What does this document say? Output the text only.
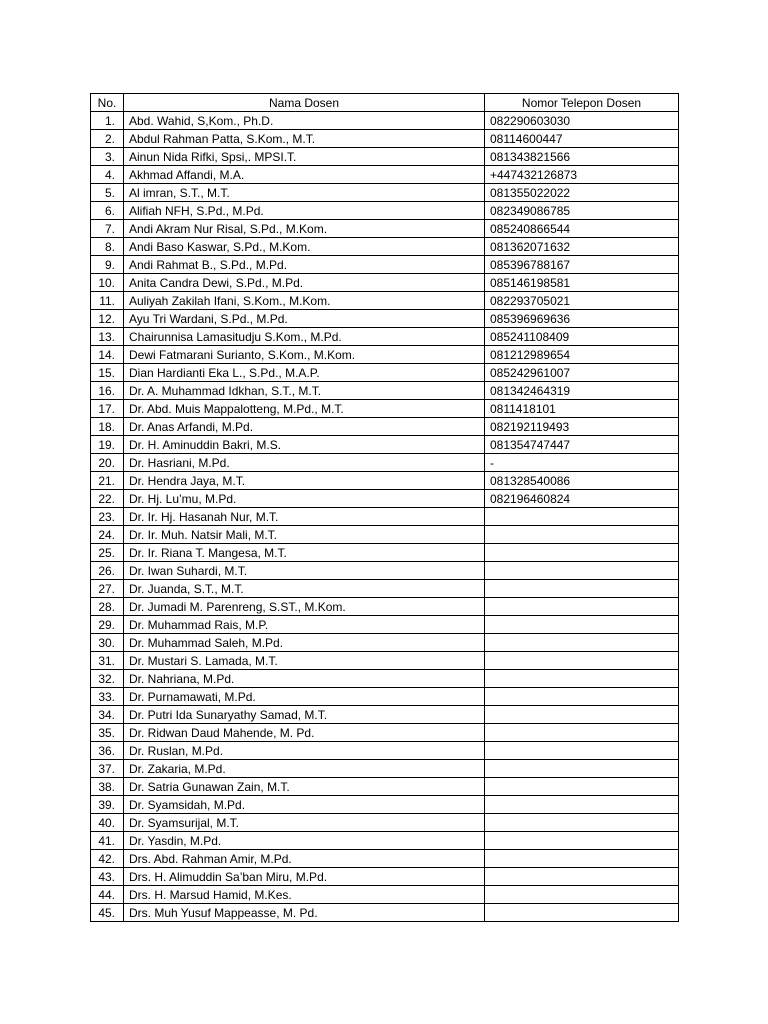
No.	Nama Dosen	Nomor Telepon Dosen
1.	Abd. Wahid, S,Kom., Ph.D.	082290603030
2.	Abdul Rahman Patta, S.Kom., M.T.	08114600447
3.	Ainun Nida Rifki, Spsi,. MPSI.T.	081343821566
4.	Akhmad Affandi, M.A.	+447432126873
5.	Al imran, S.T., M.T.	081355022022
6.	Alifiah NFH, S.Pd., M.Pd.	082349086785
7.	Andi Akram Nur Risal, S.Pd., M.Kom.	085240866544
8.	Andi Baso Kaswar, S.Pd., M.Kom.	081362071632
9.	Andi Rahmat B., S.Pd., M.Pd.	085396788167
10.	Anita Candra Dewi, S.Pd., M.Pd.	085146198581
11.	Auliyah Zakilah Ifani, S.Kom., M.Kom.	082293705021
12.	Ayu Tri Wardani, S.Pd., M.Pd.	085396969636
13.	Chairunnisa Lamasitudju S.Kom., M.Pd.	085241108409
14.	Dewi Fatmarani Surianto, S.Kom., M.Kom.	081212989654
15.	Dian Hardianti Eka L., S.Pd., M.A.P.	085242961007
16.	Dr. A. Muhammad Idkhan, S.T., M.T.	081342464319
17.	Dr. Abd. Muis Mappalotteng, M.Pd., M.T.	0811418101
18.	Dr. Anas Arfandi, M.Pd.	082192119493
19.	Dr. H. Aminuddin Bakri, M.S.	081354747447
20.	Dr. Hasriani, M.Pd.	-
21.	Dr. Hendra Jaya, M.T.	081328540086
22.	Dr. Hj. Lu’mu, M.Pd.	082196460824
23.	Dr. Ir. Hj. Hasanah Nur, M.T.	
24.	Dr. Ir. Muh. Natsir Mali, M.T.	
25.	Dr. Ir. Riana T. Mangesa, M.T.	
26.	Dr. Iwan Suhardi, M.T.	
27.	Dr. Juanda, S.T., M.T.	
28.	Dr. Jumadi M. Parenreng, S.ST., M.Kom.	
29.	Dr. Muhammad Rais, M.P.	
30.	Dr. Muhammad Saleh, M.Pd.	
31.	Dr. Mustari S. Lamada, M.T.	
32.	Dr. Nahriana, M.Pd.	
33.	Dr. Purnamawati, M.Pd.	
34.	Dr. Putri Ida Sunaryathy Samad, M.T.	
35.	Dr. Ridwan Daud Mahende, M. Pd.	
36.	Dr. Ruslan, M.Pd.	
37.	Dr. Zakaria, M.Pd.	
38.	Dr. Satria Gunawan Zain, M.T.	
39.	Dr. Syamsidah, M.Pd.	
40.	Dr. Syamsurijal, M.T.	
41.	Dr. Yasdin, M.Pd.	
42.	Drs. Abd. Rahman Amir, M.Pd.	
43.	Drs. H. Alimuddin Sa’ban Miru, M.Pd.	
44.	Drs. H. Marsud Hamid, M.Kes.	
45.	Drs. Muh Yusuf Mappeasse, M. Pd.	
